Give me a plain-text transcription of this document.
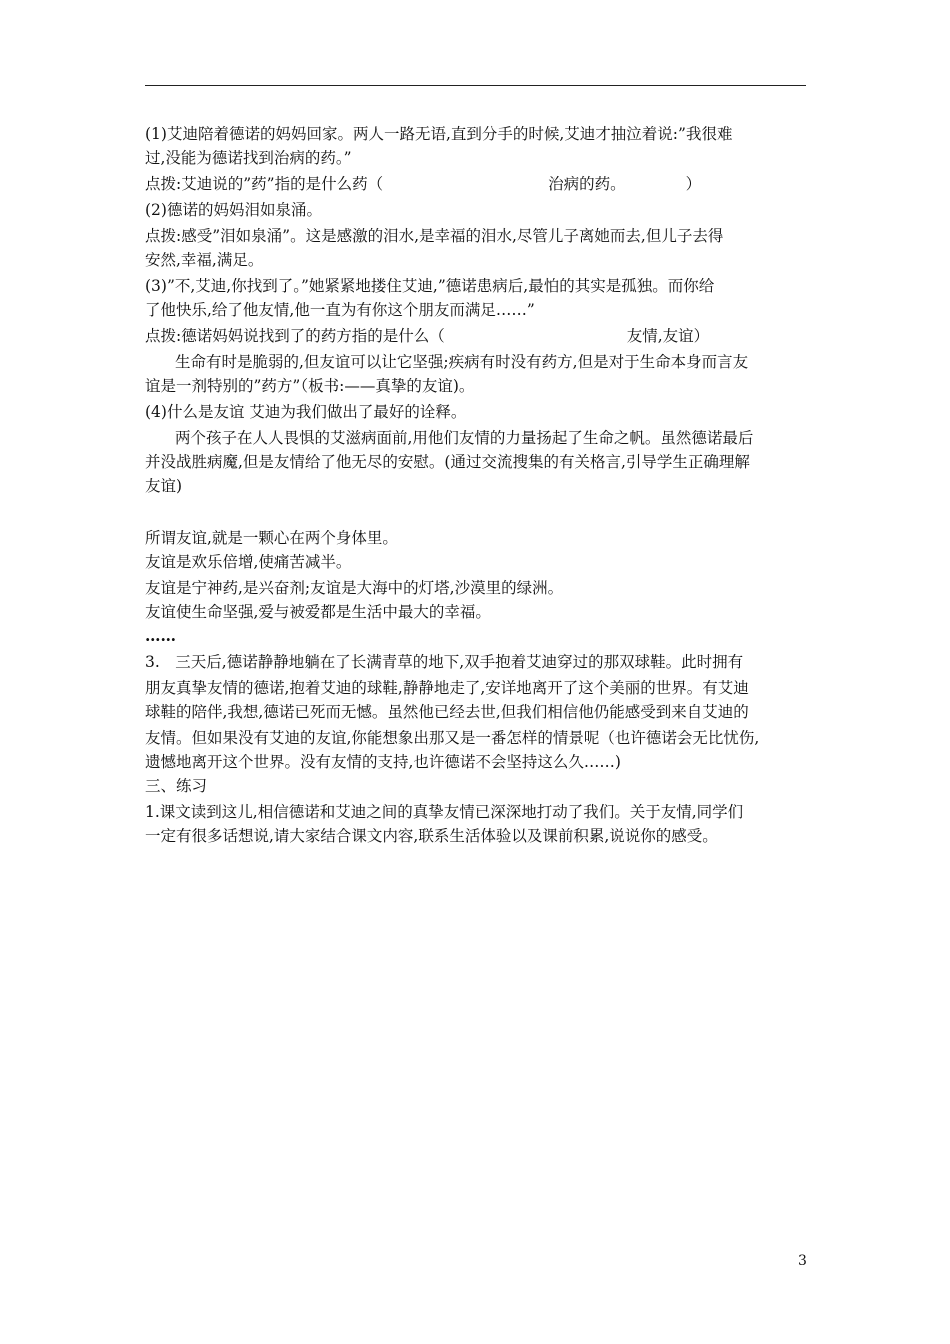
(1)艾迪陪着德诺的妈妈回家。两人一路无语,直到分手的时候,艾迪才抽泣着说:”我很难
过,没能为德诺找到治病的药。”
点拨:艾迪说的”药”指的是什么药（	治病的药。	）
(2)德诺的妈妈泪如泉涌。
点拨:感受”泪如泉涌”。这是感激的泪水,是幸福的泪水,尽管儿子离她而去,但儿子去得
安然,幸福,满足。
(3)”不,艾迪,你找到了。”她紧紧地搂住艾迪,”德诺患病后,最怕的其实是孤独。而你给
了他快乐,给了他友情,他一直为有你这个朋友而满足……”
点拨:德诺妈妈说找到了的药方指的是什么（	友情,友谊）
生命有时是脆弱的,但友谊可以让它坚强;疾病有时没有药方,但是对于生命本身而言友
谊是一剂特别的”药方”（板书:——真挚的友谊)。
(4)什么是友谊 艾迪为我们做出了最好的诠释。
两个孩子在人人畏惧的艾滋病面前,用他们友情的力量扬起了生命之帆。虽然德诺最后
并没战胜病魔,但是友情给了他无尽的安慰。(通过交流搜集的有关格言,引导学生正确理解
友谊)
所谓友谊,就是一颗心在两个身体里。
友谊是欢乐倍增,使痛苦减半。
友谊是宁神药,是兴奋剂;友谊是大海中的灯塔,沙漠里的绿洲。
友谊使生命坚强,爱与被爱都是生活中最大的幸福。
……
3.　三天后,德诺静静地躺在了长满青草的地下,双手抱着艾迪穿过的那双球鞋。此时拥有
朋友真挚友情的德诺,抱着艾迪的球鞋,静静地走了,安详地离开了这个美丽的世界。有艾迪
球鞋的陪伴,我想,德诺已死而无憾。虽然他已经去世,但我们相信他仍能感受到来自艾迪的
友情。但如果没有艾迪的友谊,你能想象出那又是一番怎样的情景呢（也许德诺会无比忧伤,
遗憾地离开这个世界。没有友情的支持,也许德诺不会坚持这么久……)
三、练习
1.课文读到这儿,相信德诺和艾迪之间的真挚友情已深深地打动了我们。关于友情,同学们
一定有很多话想说,请大家结合课文内容,联系生活体验以及课前积累,说说你的感受。
3
